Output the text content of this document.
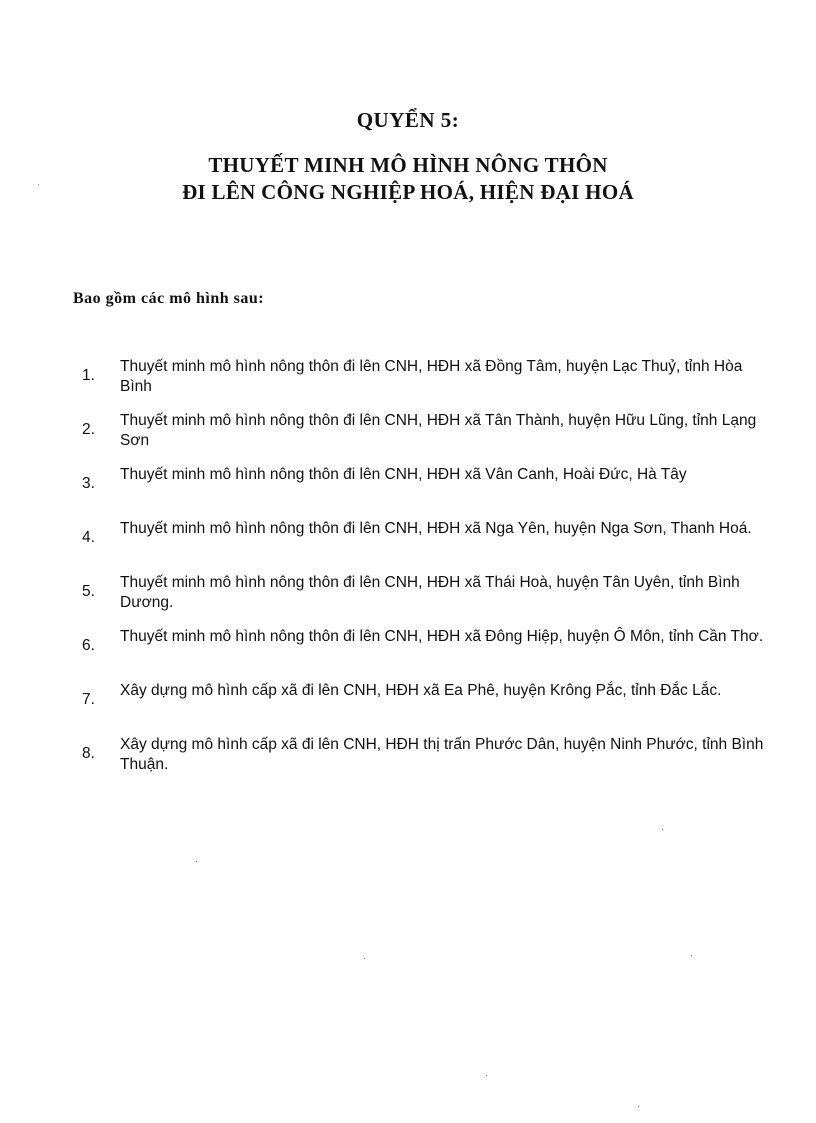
QUYỂN 5:
THUYẾT MINH MÔ HÌNH NÔNG THÔN
ĐI LÊN CÔNG NGHIỆP HOÁ, HIỆN ĐẠI HOÁ
Bao gồm các mô hình sau:
1.
Thuyết minh mô hình nông thôn đi lên CNH, HĐH xã Đồng Tâm, huyện Lạc Thuỷ, tỉnh Hòa Bình
2.
Thuyết minh mô hình nông thôn đi lên CNH, HĐH xã Tân Thành, huyện Hữu Lũng, tỉnh Lạng Sơn
3.
Thuyết minh mô hình nông thôn đi lên CNH, HĐH xã Vân Canh, Hoài Đức, Hà Tây
4.
Thuyết minh mô hình nông thôn đi lên CNH, HĐH xã Nga Yên, huyện Nga Sơn, Thanh Hoá.
5.
Thuyết minh mô hình nông thôn đi lên CNH, HĐH xã Thái Hoà, huyện Tân Uyên, tỉnh Bình Dương.
6.
Thuyết minh mô hình nông thôn đi lên CNH, HĐH xã Đông Hiệp, huyện Ô Môn, tỉnh Cần Thơ.
7.
Xây dựng mô hình cấp xã đi lên CNH, HĐH xã Ea Phê, huyện Krông Pắc, tỉnh Đắc Lắc.
8.
Xây dựng mô hình cấp xã đi lên CNH, HĐH thị trấn Phước Dân, huyện Ninh Phước, tỉnh Bình Thuận.
